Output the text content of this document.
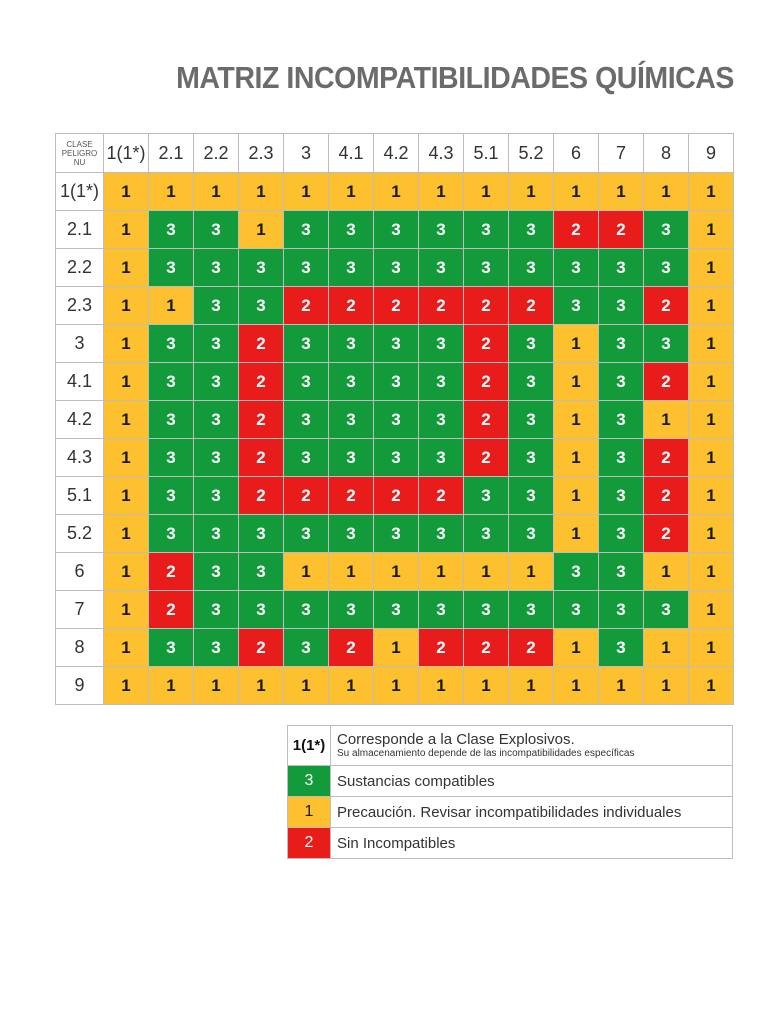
MATRIZ INCOMPATIBILIDADES QUÍMICAS
CLASE
PELIGRO
NU	1(1*)	2.1	2.2	2.3	3	4.1	4.2	4.3	5.1	5.2	6	7	8	9
1(1*)	1	1	1	1	1	1	1	1	1	1	1	1	1	1
2.1	1	3	3	1	3	3	3	3	3	3	2	2	3	1
2.2	1	3	3	3	3	3	3	3	3	3	3	3	3	1
2.3	1	1	3	3	2	2	2	2	2	2	3	3	2	1
3	1	3	3	2	3	3	3	3	2	3	1	3	3	1
4.1	1	3	3	2	3	3	3	3	2	3	1	3	2	1
4.2	1	3	3	2	3	3	3	3	2	3	1	3	1	1
4.3	1	3	3	2	3	3	3	3	2	3	1	3	2	1
5.1	1	3	3	2	2	2	2	2	3	3	1	3	2	1
5.2	1	3	3	3	3	3	3	3	3	3	1	3	2	1
6	1	2	3	3	1	1	1	1	1	1	3	3	1	1
7	1	2	3	3	3	3	3	3	3	3	3	3	3	1
8	1	3	3	2	3	2	1	2	2	2	1	3	1	1
9	1	1	1	1	1	1	1	1	1	1	1	1	1	1
1(1*)	Corresponde a la Clase Explosivos.
Su almacenamiento depende de las incompatibilidades específicas

3	Sustancias compatibles
1	Precaución. Revisar incompatibilidades individuales
2	Sin Incompatibles
